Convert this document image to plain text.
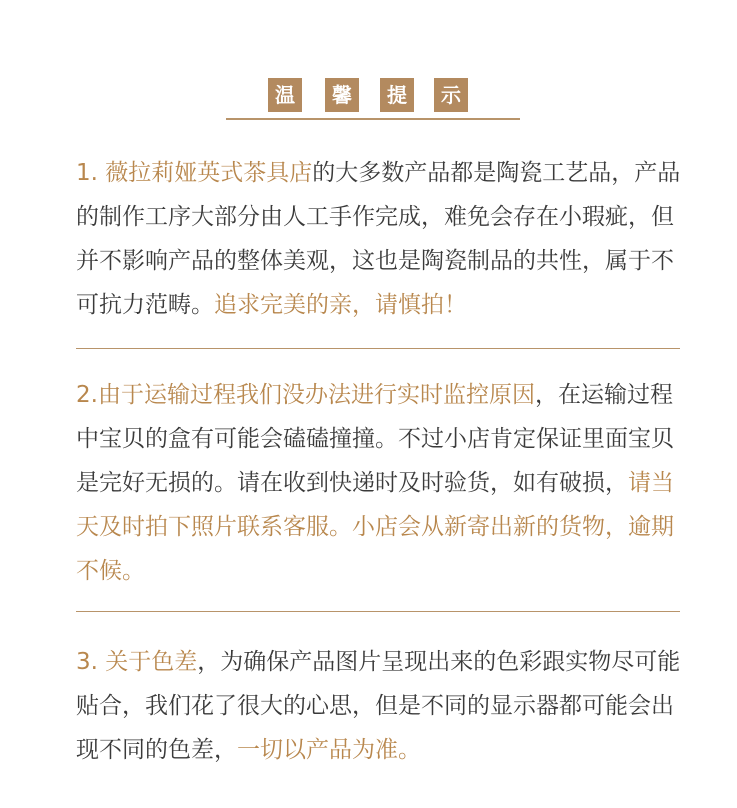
温	馨	提	示

1. 薇拉莉娅英式茶具店的大多数产品都是陶瓷工艺品，产品的制作工序大部分由人工手作完成，难免会存在小瑕疵，但并不影响产品的整体美观，这也是陶瓷制品的共性，属于不可抗力范畴。追求完美的亲，请慎拍！

2.由于运输过程我们没办法进行实时监控原因，在运输过程中宝贝的盒有可能会磕磕撞撞。不过小店肯定保证里面宝贝是完好无损的。请在收到快递时及时验货，如有破损，请当天及时拍下照片联系客服。小店会从新寄出新的货物，逾期不候。

3. 关于色差，为确保产品图片呈现出来的色彩跟实物尽可能贴合，我们花了很大的心思，但是不同的显示器都可能会出现不同的色差，一切以产品为准。
